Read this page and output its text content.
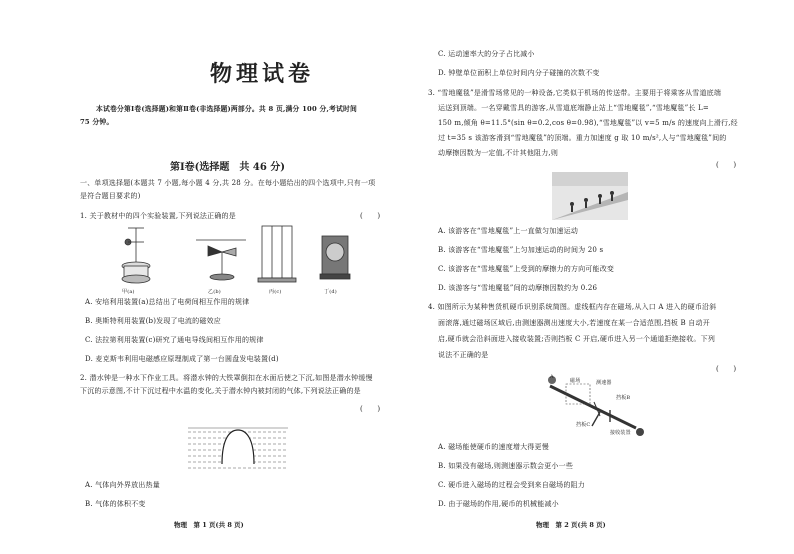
物理试卷
本试卷分第Ⅰ卷(选择题)和第Ⅱ卷(非选择题)两部分。共 8 页,满分 100 分,考试时间
75 分钟。
第Ⅰ卷(选择题　共 46 分)
一、单项选择题(本题共 7 小题,每小题 4 分,共 28 分。在每小题给出的四个选项中,只有一项
是符合题目要求的)
1. 关于教材中的四个实验装置,下列说法正确的是	(　　)
甲(a)	乙(b)	丙(c)	丁(d)
A. 安培利用装置(a)总结出了电荷间相互作用的规律
B. 奥斯特利用装置(b)发现了电流的磁效应
C. 法拉第利用装置(c)研究了通电导线间相互作用的规律
D. 麦克斯韦利用电磁感应原理制成了第一台圆盘发电装置(d)
2. 潜水钟是一种水下作业工具。将潜水钟的大铁罩倒扣在水面后使之下沉,如图是潜水钟缓慢
下沉的示意图,不计下沉过程中水温的变化,关于潜水钟内被封闭的气体,下列说法正确的是
(　　)
A. 气体向外界放出热量
B. 气体的体积不变
物理　第 1 页(共 8 页)
C. 运动速率大的分子占比减小
D. 钟壁单位面积上单位时间内分子碰撞的次数不变
3. “雪地魔毯”是滑雪场常见的一种设备,它类似于机场的传送带。主要用于将乘客从雪道底端
运送到顶端。一名穿戴雪具的游客,从雪道底端静止站上“雪地魔毯”,“雪地魔毯”长 L=
150 m,倾角 θ=11.5°(sin θ=0.2,cos θ=0.98),“雪地魔毯”以 v=5 m/s 的速度向上滑行,经
过 t=35 s 该游客滑到“雪地魔毯”的顶端。重力加速度 g 取 10 m/s²,人与“雪地魔毯”间的
动摩擦因数为一定值,不计其他阻力,则
(　　)
A. 该游客在“雪地魔毯”上一直做匀加速运动
B. 该游客在“雪地魔毯”上匀加速运动的时间为 20 s
C. 该游客在“雪地魔毯”上受到的摩擦力的方向可能改变
D. 该游客与“雪地魔毯”间的动摩擦因数约为 0.26
4. 如图所示为某种售货机硬币识别系统简图。虚线框内存在磁场,从入口 A 进入的硬币沿斜
面滚落,通过磁场区域后,由测速器测出速度大小,若速度在某一合适范围,挡板 B 自动开
启,硬币就会沿斜面进入接收装置;否则挡板 C 开启,硬币进入另一个通道拒绝接收。下列
说法不正确的是
(　　)
A
磁场	测速器
挡板B
挡板C
接收装置
A. 磁场能使硬币的速度增大得更慢
B. 如果没有磁场,则测速器示数会更小一些
C. 硬币进入磁场的过程会受到来自磁场的阻力
D. 由于磁场的作用,硬币的机械能减小
物理　第 2 页(共 8 页)
